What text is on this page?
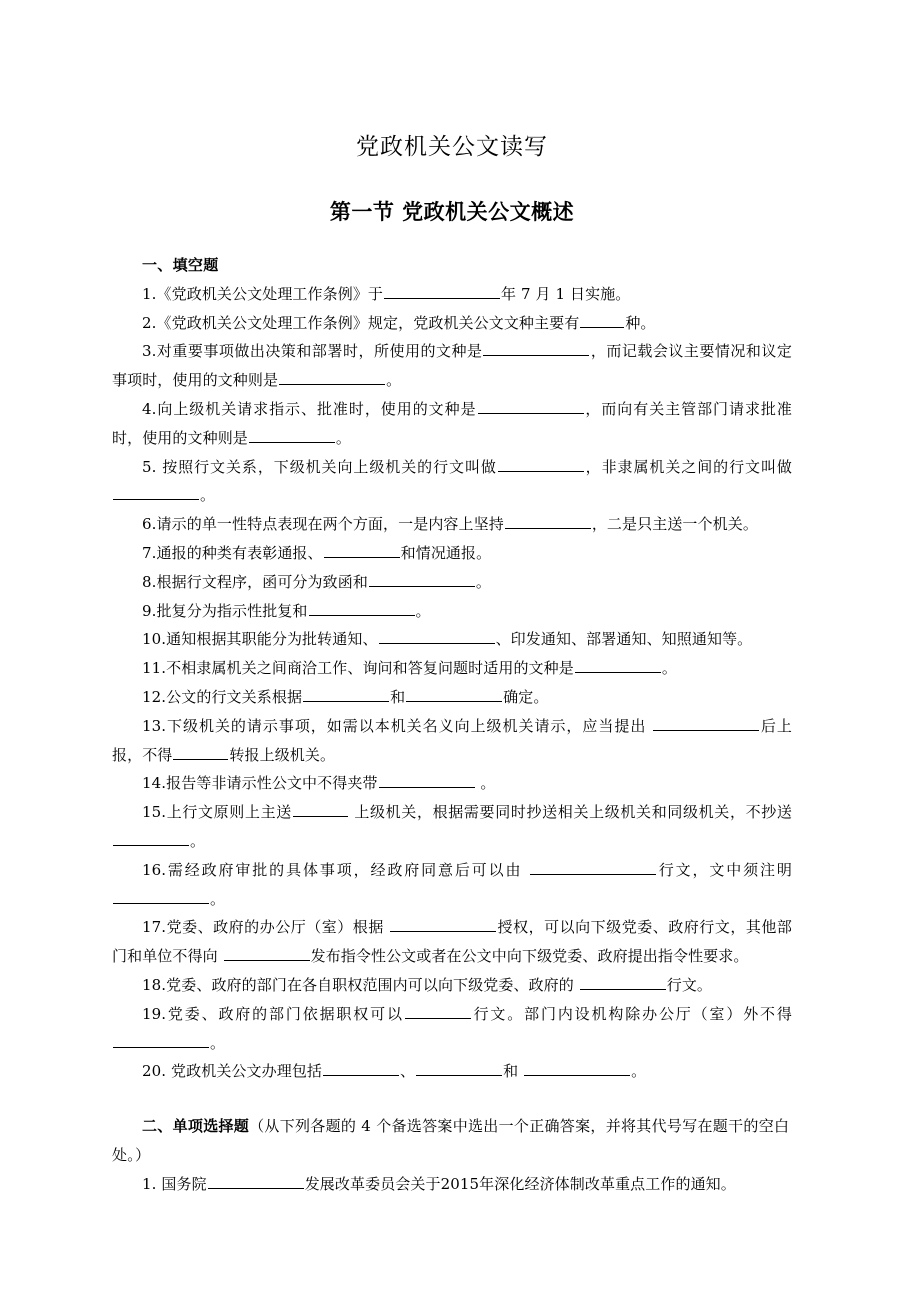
党政机关公文读写
第一节 党政机关公文概述

一、填空题

1.《党政机关公文处理工作条例》于	年 7 月 1 日实施。

2.《党政机关公文处理工作条例》规定，党政机关公文文种主要有	种。

3.对重要事项做出决策和部署时，所使用的文种是	，而记载会议主要情况和议定事项时，使用的文种则是	。

4.向上级机关请求指示、批准时，使用的文种是	，而向有关主管部门请求批准时，使用的文种则是	。

5. 按照行文关系，下级机关向上级机关的行文叫做	，非隶属机关之间的行文叫做。

6.请示的单一性特点表现在两个方面，一是内容上坚持	，二是只主送一个机关。

7.通报的种类有表彰通报、	和情况通报。

8.根据行文程序，函可分为致函和	。

9.批复分为指示性批复和	。

10.通知根据其职能分为批转通知、	、印发通知、部署通知、知照通知等。

11.不相隶属机关之间商洽工作、询问和答复问题时适用的文种是	。

12.公文的行文关系根据	和	确定。

13.下级机关的请示事项，如需以本机关名义向上级机关请示，应当提出	后上报，不得	转报上级机关。

14.报告等非请示性公文中不得夹带	。

15.上行文原则上主送	上级机关，根据需要同时抄送相关上级机关和同级机关，不抄送 。

16.需经政府审批的具体事项，经政府同意后可以由	行文，文中须注明。

17.党委、政府的办公厅（室）根据	授权，可以向下级党委、政府行文，其他部门和单位不得向	发布指令性公文或者在公文中向下级党委、政府提出指令性要求。

18.党委、政府的部门在各自职权范围内可以向下级党委、政府的	行文。

19.党委、政府的部门依据职权可以	行文。部门内设机构除办公厅（室）外不得 。

20. 党政机关公文办理包括	、	和	。

二、单项选择题（从下列各题的 4 个备选答案中选出一个正确答案，并将其代号写在题干的空白处。）

1. 国务院	发展改革委员会关于2015年深化经济体制改革重点工作的通知。
